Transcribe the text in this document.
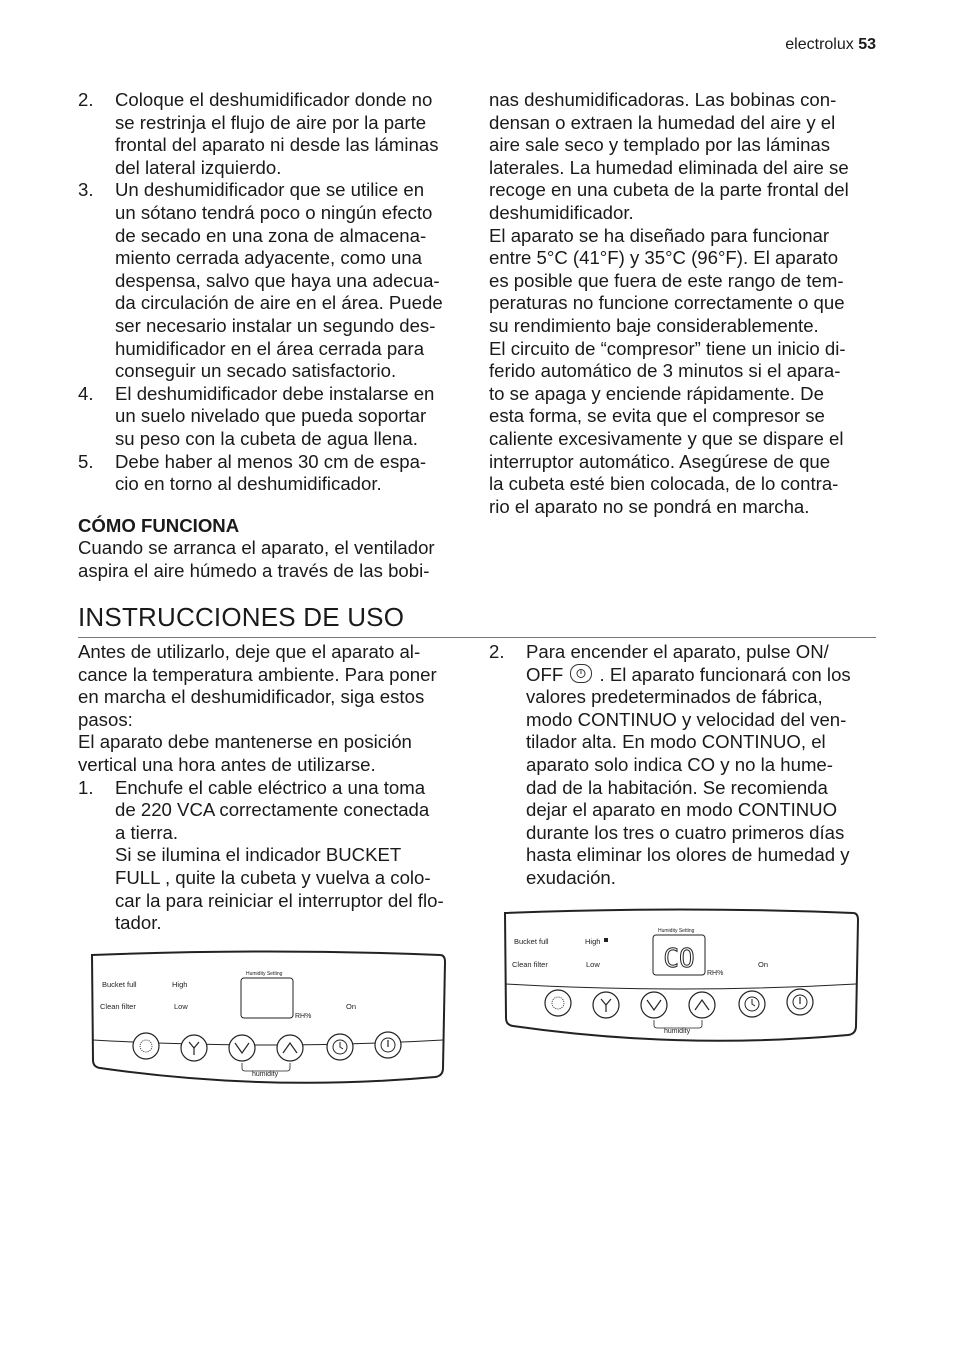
electrolux 53
2.	Coloque el deshumidificador donde no

se restrinja el flujo de aire por la parte

frontal del aparato ni desde las láminas

del lateral izquierdo.

3.	Un deshumidificador que se utilice en

un sótano tendrá poco o ningún efecto

de secado en una zona de almacena-

miento cerrada adyacente, como una

despensa, salvo que haya una adecua-

da circulación de aire en el área. Puede

ser necesario instalar un segundo des-

humidificador en el área cerrada para

conseguir un secado satisfactorio.

4.	El deshumidificador debe instalarse en

un suelo nivelado que pueda soportar

su peso con la cubeta de agua llena.

5.	Debe haber al menos 30 cm de espa-

cio en torno al deshumidificador.

CÓMO FUNCIONA

Cuando se arranca el aparato, el ventilador

aspira el aire húmedo a través de las bobi-

nas deshumidificadoras. Las bobinas con-

densan o extraen la humedad del aire y el

aire sale seco y templado por las láminas

laterales. La humedad eliminada del aire se

recoge en una cubeta de la parte frontal del

deshumidificador.

El aparato se ha diseñado para funcionar

entre 5°C (41°F) y 35°C (96°F). El aparato

es posible que fuera de este rango de tem-

peraturas no funcione correctamente o que

su rendimiento baje considerablemente.

El circuito de “compresor” tiene un inicio di-

ferido automático de 3 minutos si el apara-

to se apaga y enciende rápidamente. De

esta forma, se evita que el compresor se

caliente excesivamente y que se dispare el

interruptor automático. Asegúrese de que

la cubeta esté bien colocada, de lo contra-

rio el aparato no se pondrá en marcha.

INSTRUCCIONES DE USO

Antes de utilizarlo, deje que el aparato al-

cance la temperatura ambiente. Para poner

en marcha el deshumidificador, siga estos

pasos:

El aparato debe mantenerse en posición

vertical una hora antes de utilizarse.

1.	Enchufe el cable eléctrico a una toma

de 220 VCA correctamente conectada

a tierra.

Si se ilumina el indicador BUCKET

FULL , quite la cubeta y vuelva a colo-

car la para reiniciar el interruptor del flo-

tador.

2.	Para encender el aparato, pulse ON/

OFF . El aparato funcionará con los

valores predeterminados de fábrica,

modo CONTINUO y velocidad del ven-

tilador alta. En modo CONTINUO, el

aparato solo indica CO y no la hume-

dad de la habitación. Se recomienda

dejar el aparato en modo CONTINUO

durante los tres o cuatro primeros días

hasta eliminar los olores de humedad y

exudación.

Bucket full	High
Clean filter	Low
Humidity Setting
RH%
On
humidity
Bucket full	High
Clean filter	Low
Humidity Setting
CO RH%
On
humidity
